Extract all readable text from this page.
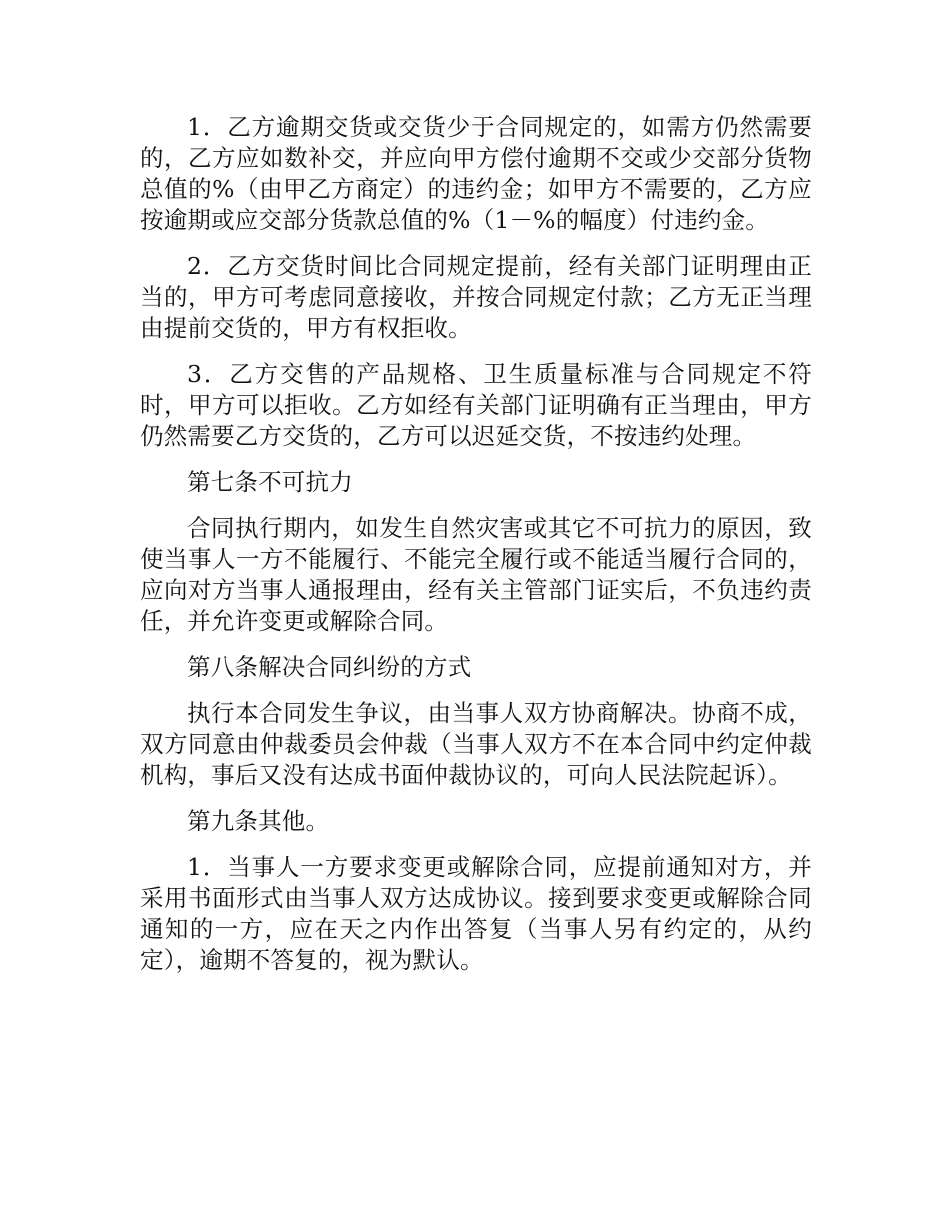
1．乙方逾期交货或交货少于合同规定的，如需方仍然需要的，乙方应如数补交，并应向甲方偿付逾期不交或少交部分货物总值的%（由甲乙方商定）的违约金；如甲方不需要的，乙方应按逾期或应交部分货款总值的%（1－%的幅度）付违约金。

2．乙方交货时间比合同规定提前，经有关部门证明理由正当的，甲方可考虑同意接收，并按合同规定付款；乙方无正当理由提前交货的，甲方有权拒收。

3．乙方交售的产品规格、卫生质量标准与合同规定不符时，甲方可以拒收。乙方如经有关部门证明确有正当理由，甲方仍然需要乙方交货的，乙方可以迟延交货，不按违约处理。

第七条不可抗力

合同执行期内，如发生自然灾害或其它不可抗力的原因，致使当事人一方不能履行、不能完全履行或不能适当履行合同的，应向对方当事人通报理由，经有关主管部门证实后，不负违约责任，并允许变更或解除合同。

第八条解决合同纠纷的方式

执行本合同发生争议，由当事人双方协商解决。协商不成，双方同意由仲裁委员会仲裁（当事人双方不在本合同中约定仲裁机构，事后又没有达成书面仲裁协议的，可向人民法院起诉）。

第九条其他。

1．当事人一方要求变更或解除合同，应提前通知对方，并采用书面形式由当事人双方达成协议。接到要求变更或解除合同通知的一方，应在天之内作出答复（当事人另有约定的，从约定），逾期不答复的，视为默认。
